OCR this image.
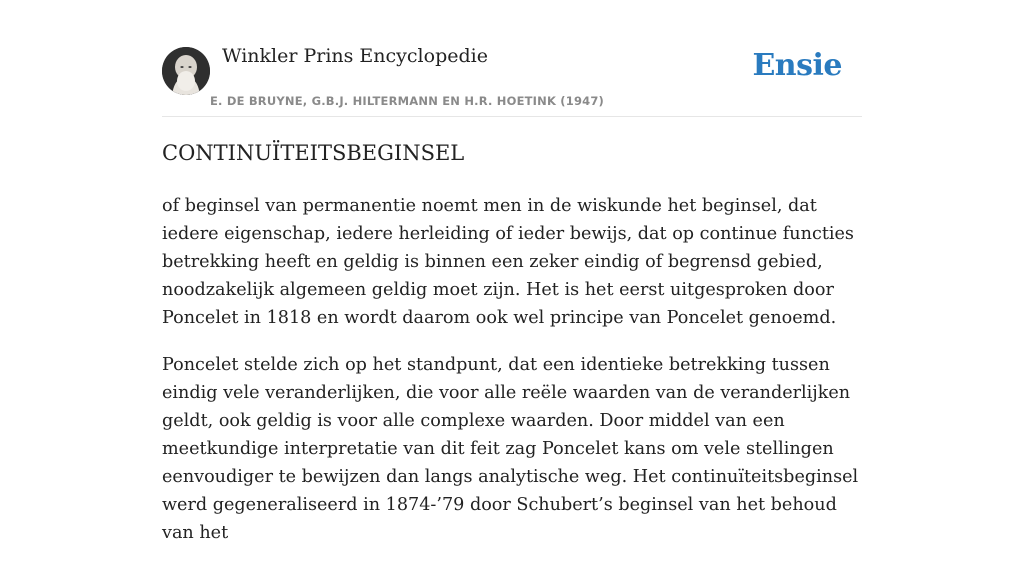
Winkler Prins Encyclopedie
E. DE BRUYNE, G.B.J. HILTERMANN EN H.R. HOETINK (1947)
Ensie
CONTINUÏTEITSBEGINSEL

of beginsel van permanentie noemt men in de wiskunde het beginsel, dat iedere eigenschap, iedere herleiding of ieder bewijs, dat op continue functies betrekking heeft en geldig is binnen een zeker eindig of begrensd gebied, noodzakelijk algemeen geldig moet zijn. Het is het eerst uitgesproken door Poncelet in 1818 en wordt daarom ook wel principe van Poncelet genoemd.

Poncelet stelde zich op het standpunt, dat een identieke betrekking tussen eindig vele veranderlijken, die voor alle reële waarden van de veranderlijken geldt, ook geldig is voor alle complexe waarden. Door middel van een meetkundige interpretatie van dit feit zag Poncelet kans om vele stellingen eenvoudiger te bewijzen dan langs analytische weg. Het continuïteitsbeginsel werd gegeneraliseerd in 1874-’79 door Schubert’s beginsel van het behoud van het
